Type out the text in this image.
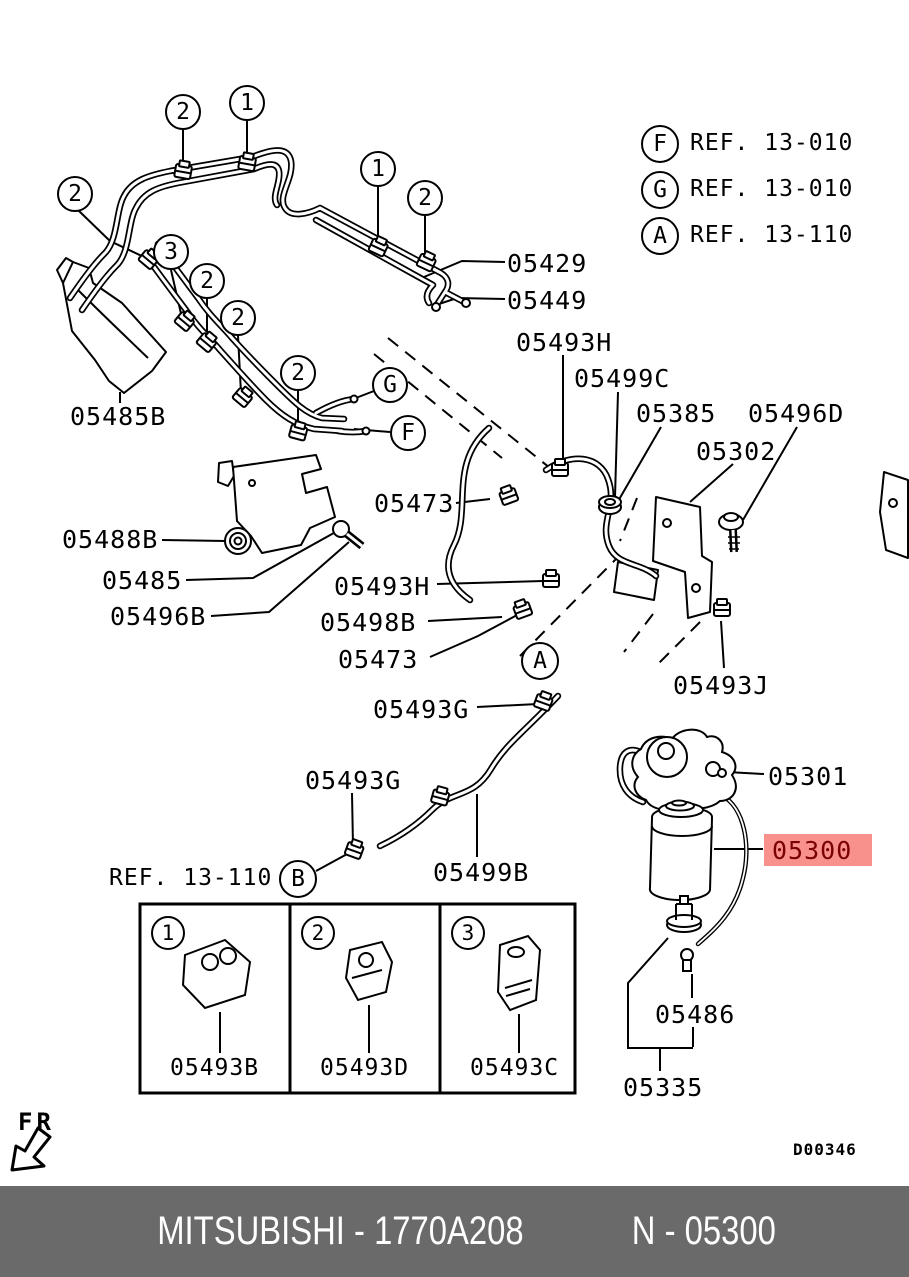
F REF. 13-010
G REF. 13-010
A REF. 13-110
2 1
1
2
2
3
2
2
2	G
F
A
B
05429
05449
05493H
05499C
05385 05496D
05302
05473
05485B
05488B
05485
05496B
05493H
05498B
05473
05493G
05493J
05493G
05499B
05301
05486
05335
05300
REF. 13-110
1	2	3
05493B	05493D	05493C
FR
D00346
MITSUBISHI - 1770A208	N - 05300
